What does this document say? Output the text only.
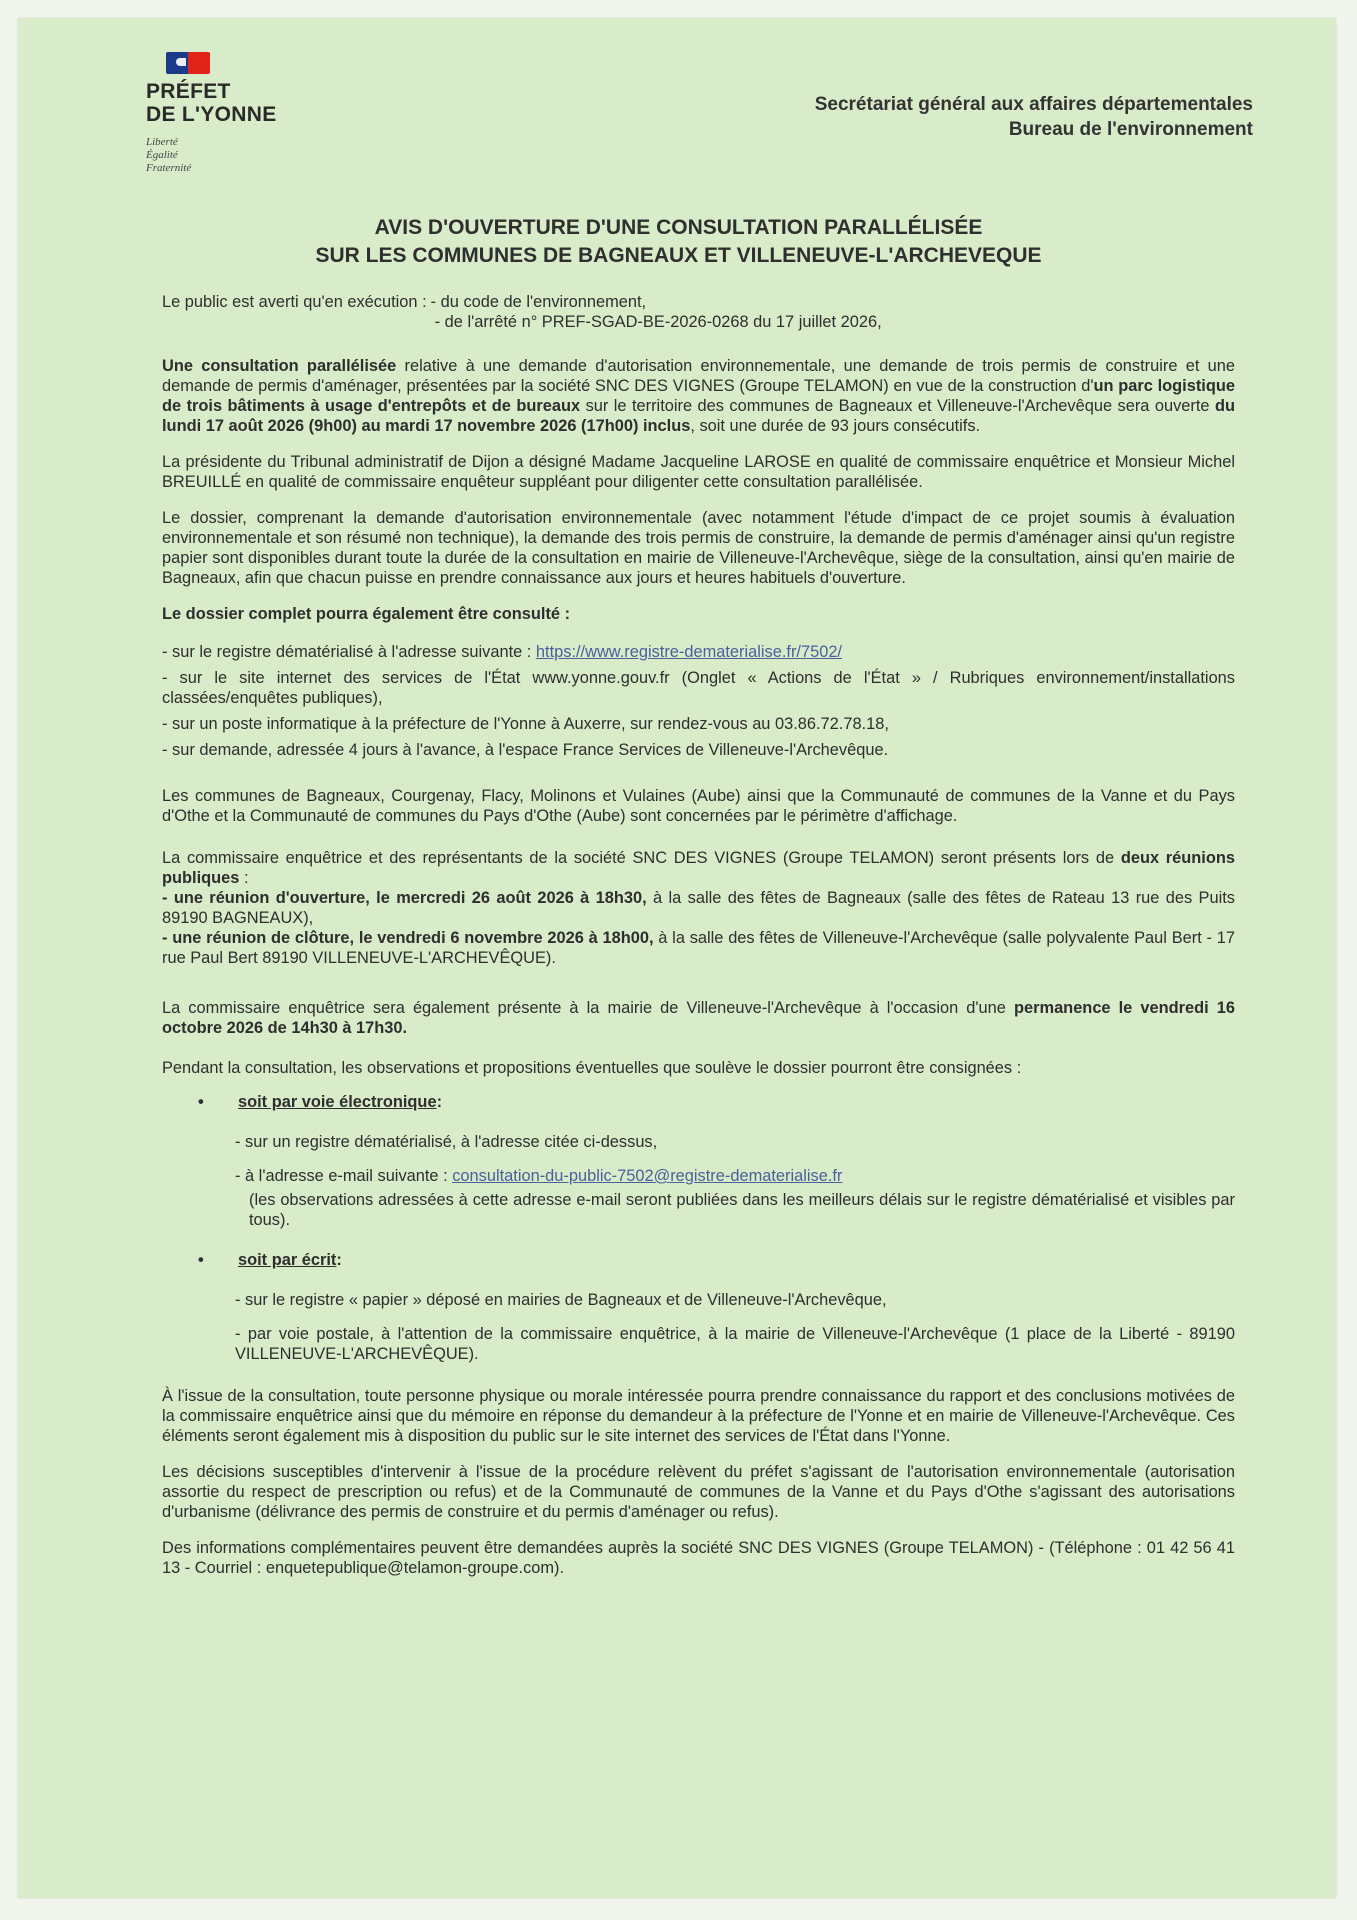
PRÉFET
DE L'YONNE
Liberté
Égalité
Fraternité
Secrétariat général aux affaires départementales
Bureau de l'environnement
AVIS D'OUVERTURE D'UNE CONSULTATION PARALLÉLISÉE
SUR LES COMMUNES DE BAGNEAUX ET VILLENEUVE-L'ARCHEVEQUE
Le public est averti qu'en exécution : - du code de l'environnement,
- de l'arrêté n° PREF-SGAD-BE-2026-0268 du 17 juillet 2026,

Une consultation parallélisée relative à une demande d'autorisation environnementale, une demande de trois permis de construire et une demande de permis d'aménager, présentées par la société SNC DES VIGNES (Groupe TELAMON) en vue de la construction d'un parc logistique de trois bâtiments à usage d'entrepôts et de bureaux sur le territoire des communes de Bagneaux et Villeneuve-l'Archevêque sera ouverte du lundi 17 août 2026 (9h00) au mardi 17 novembre 2026 (17h00) inclus, soit une durée de 93 jours consécutifs.

La présidente du Tribunal administratif de Dijon a désigné Madame Jacqueline LAROSE en qualité de commissaire enquêtrice et Monsieur Michel BREUILLÉ en qualité de commissaire enquêteur suppléant pour diligenter cette consultation parallélisée.

Le dossier, comprenant la demande d'autorisation environnementale (avec notamment l'étude d'impact de ce projet soumis à évaluation environnementale et son résumé non technique), la demande des trois permis de construire, la demande de permis d'aménager ainsi qu'un registre papier sont disponibles durant toute la durée de la consultation en mairie de Villeneuve-l'Archevêque, siège de la consultation, ainsi qu'en mairie de Bagneaux, afin que chacun puisse en prendre connaissance aux jours et heures habituels d'ouverture.

Le dossier complet pourra également être consulté :

- sur le registre dématérialisé à l'adresse suivante : https://www.registre-dematerialise.fr/7502/

- sur le site internet des services de l'État www.yonne.gouv.fr (Onglet « Actions de l'État » / Rubriques environnement/installations classées/enquêtes publiques),

- sur un poste informatique à la préfecture de l'Yonne à Auxerre, sur rendez-vous au 03.86.72.78.18,

- sur demande, adressée 4 jours à l'avance, à l'espace France Services de Villeneuve-l'Archevêque.

Les communes de Bagneaux, Courgenay, Flacy, Molinons et Vulaines (Aube) ainsi que la Communauté de communes de la Vanne et du Pays d'Othe et la Communauté de communes du Pays d'Othe (Aube) sont concernées par le périmètre d'affichage.

La commissaire enquêtrice et des représentants de la société SNC DES VIGNES (Groupe TELAMON) seront présents lors de deux réunions publiques :
- une réunion d'ouverture, le mercredi 26 août 2026 à 18h30, à la salle des fêtes de Bagneaux (salle des fêtes de Rateau 13 rue des Puits 89190 BAGNEAUX),
- une réunion de clôture, le vendredi 6 novembre 2026 à 18h00, à la salle des fêtes de Villeneuve-l'Archevêque (salle polyvalente Paul Bert - 17 rue Paul Bert 89190 VILLENEUVE-L'ARCHEVÊQUE).

La commissaire enquêtrice sera également présente à la mairie de Villeneuve-l'Archevêque à l'occasion d'une permanence le vendredi 16 octobre 2026 de 14h30 à 17h30.

Pendant la consultation, les observations et propositions éventuelles que soulève le dossier pourront être consignées :

•	soit par voie électronique :

- sur un registre dématérialisé, à l'adresse citée ci-dessus,

- à l'adresse e-mail suivante : consultation-du-public-7502@registre-dematerialise.fr

(les observations adressées à cette adresse e-mail seront publiées dans les meilleurs délais sur le registre dématérialisé et visibles par tous).

•	soit par écrit :

- sur le registre « papier » déposé en mairies de Bagneaux et de Villeneuve-l'Archevêque,

- par voie postale, à l'attention de la commissaire enquêtrice, à la mairie de Villeneuve-l'Archevêque (1 place de la Liberté - 89190 VILLENEUVE-L'ARCHEVÊQUE).

À l'issue de la consultation, toute personne physique ou morale intéressée pourra prendre connaissance du rapport et des conclusions motivées de la commissaire enquêtrice ainsi que du mémoire en réponse du demandeur à la préfecture de l'Yonne et en mairie de Villeneuve-l'Archevêque. Ces éléments seront également mis à disposition du public sur le site internet des services de l'État dans l'Yonne.

Les décisions susceptibles d'intervenir à l'issue de la procédure relèvent du préfet s'agissant de l'autorisation environnementale (autorisation assortie du respect de prescription ou refus) et de la Communauté de communes de la Vanne et du Pays d'Othe s'agissant des autorisations d'urbanisme (délivrance des permis de construire et du permis d'aménager ou refus).

Des informations complémentaires peuvent être demandées auprès la société SNC DES VIGNES (Groupe TELAMON) - (Téléphone : 01 42 56 41 13 - Courriel : enquetepublique@telamon-groupe.com).
